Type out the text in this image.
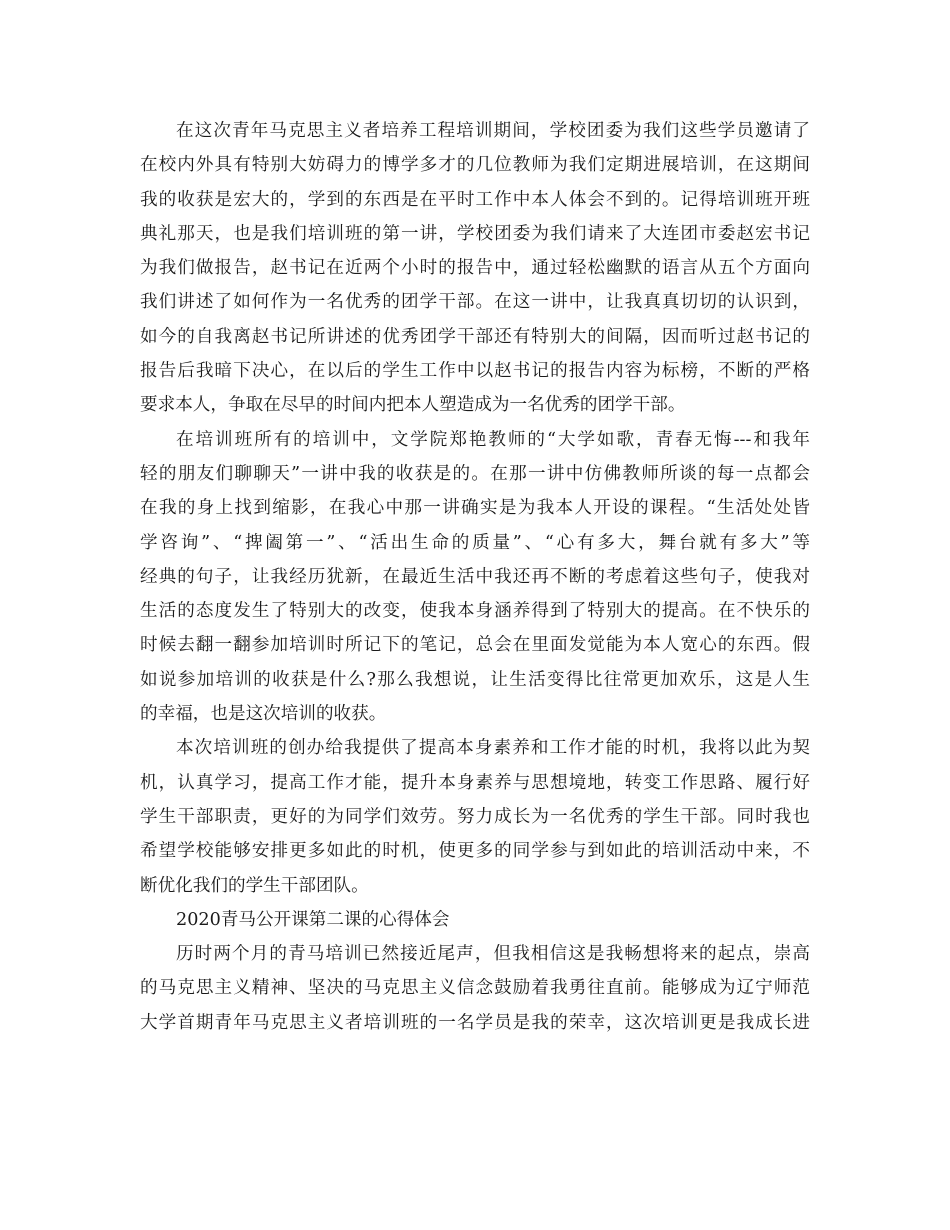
在这次青年马克思主义者培养工程培训期间，学校团委为我们这些学员邀请了
在校内外具有特别大妨碍力的博学多才的几位教师为我们定期进展培训，在这期间
我的收获是宏大的，学到的东西是在平时工作中本人体会不到的。记得培训班开班
典礼那天，也是我们培训班的第一讲，学校团委为我们请来了大连团市委赵宏书记
为我们做报告，赵书记在近两个小时的报告中，通过轻松幽默的语言从五个方面向
我们讲述了如何作为一名优秀的团学干部。在这一讲中，让我真真切切的认识到，
如今的自我离赵书记所讲述的优秀团学干部还有特别大的间隔，因而听过赵书记的
报告后我暗下决心，在以后的学生工作中以赵书记的报告内容为标榜，不断的严格
要求本人，争取在尽早的时间内把本人塑造成为一名优秀的团学干部。
在培训班所有的培训中，文学院郑艳教师的“大学如歌，青春无悔---和我年
轻的朋友们聊聊天”一讲中我的收获是的。在那一讲中仿佛教师所谈的每一点都会
在我的身上找到缩影，在我心中那一讲确实是为我本人开设的课程。“生活处处皆
学咨询”、“捭阖第一”、“活出生命的质量”、“心有多大，舞台就有多大”等
经典的句子，让我经历犹新，在最近生活中我还再不断的考虑着这些句子，使我对
生活的态度发生了特别大的改变，使我本身涵养得到了特别大的提高。在不快乐的
时候去翻一翻参加培训时所记下的笔记，总会在里面发觉能为本人宽心的东西。假
如说参加培训的收获是什么?那么我想说，让生活变得比往常更加欢乐，这是人生
的幸福，也是这次培训的收获。
本次培训班的创办给我提供了提高本身素养和工作才能的时机，我将以此为契
机，认真学习，提高工作才能，提升本身素养与思想境地，转变工作思路、履行好
学生干部职责，更好的为同学们效劳。努力成长为一名优秀的学生干部。同时我也
希望学校能够安排更多如此的时机，使更多的同学参与到如此的培训活动中来，不
断优化我们的学生干部团队。
2020青马公开课第二课的心得体会
历时两个月的青马培训已然接近尾声，但我相信这是我畅想将来的起点，崇高
的马克思主义精神、坚决的马克思主义信念鼓励着我勇往直前。能够成为辽宁师范
大学首期青年马克思主义者培训班的一名学员是我的荣幸，这次培训更是我成长进
